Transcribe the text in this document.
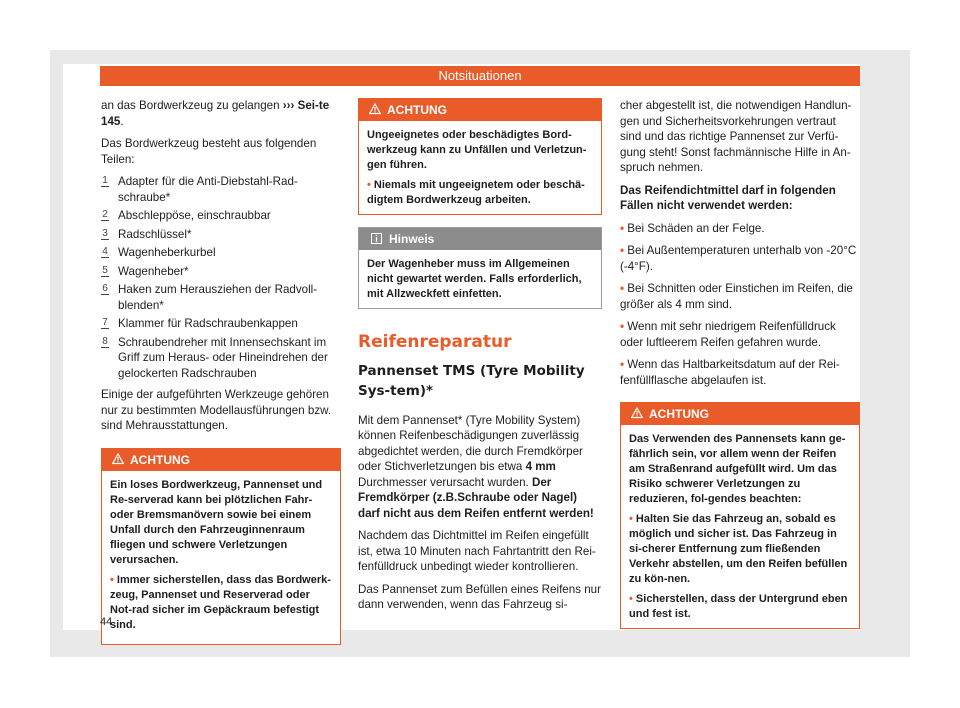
Notsituationen

an das Bordwerkzeug zu gelangen ››› Sei-te 145.

Das Bordwerkzeug besteht aus folgenden Teilen:

1 Adapter für die Anti-Diebstahl-Rad-schraube*
2 Abschleppöse, einschraubbar
3 Radschlüssel*
4 Wagenheberkurbel
5 Wagenheber*
6 Haken zum Herausziehen der Radvoll-blenden*
7 Klammer für Radschraubenkappen
8 Schraubendreher mit Innensechskant im Griff zum Heraus- oder Hineindrehen der gelockerten Radschrauben

Einige der aufgeführten Werkzeuge gehören nur zu bestimmten Modellausführungen bzw. sind Mehrausstattungen.

ACHTUNG

Ein loses Bordwerkzeug, Pannenset und Re-serverad kann bei plötzlichen Fahr- oder Bremsmanövern sowie bei einem Unfall durch den Fahrzeuginnenraum fliegen und schwere Verletzungen verursachen.

• Immer sicherstellen, dass das Bordwerk-zeug, Pannenset und Reserverad oder Not-rad sicher im Gepäckraum befestigt sind.

ACHTUNG

Ungeeignetes oder beschädigtes Bord-werkzeug kann zu Unfällen und Verletzun-gen führen.

• Niemals mit ungeeignetem oder beschä-digtem Bordwerkzeug arbeiten.

Hinweis
Der Wagenheber muss im Allgemeinen nicht gewartet werden. Falls erforderlich, mit Allzweckfett einfetten.
Reifenreparatur
Pannenset TMS (Tyre Mobility Sys-tem)*

Mit dem Pannenset* (Tyre Mobility System) können Reifenbeschädigungen zuverlässig abgedichtet werden, die durch Fremdkörper oder Stichverletzungen bis etwa 4 mm Durchmesser verursacht wurden. Der Fremdkörper (z.B.Schraube oder Nagel) darf nicht aus dem Reifen entfernt werden!

Nachdem das Dichtmittel im Reifen eingefüllt ist, etwa 10 Minuten nach Fahrtantritt den Rei-fenfülldruck unbedingt wieder kontrollieren.

Das Pannenset zum Befüllen eines Reifens nur dann verwenden, wenn das Fahrzeug si-

cher abgestellt ist, die notwendigen Handlun-gen und Sicherheitsvorkehrungen vertraut sind und das richtige Pannenset zur Verfü-gung steht! Sonst fachmännische Hilfe in An-spruch nehmen.

Das Reifendichtmittel darf in folgenden Fällen nicht verwendet werden:

• Bei Schäden an der Felge.

• Bei Außentemperaturen unterhalb von -20°C (-4°F).

• Bei Schnitten oder Einstichen im Reifen, die größer als 4 mm sind.

• Wenn mit sehr niedrigem Reifenfülldruck oder luftleerem Reifen gefahren wurde.

• Wenn das Haltbarkeitsdatum auf der Rei-fenfüllflasche abgelaufen ist.

ACHTUNG

Das Verwenden des Pannensets kann ge-fährlich sein, vor allem wenn der Reifen am Straßenrand aufgefüllt wird. Um das Risiko schwerer Verletzungen zu reduzieren, fol-gendes beachten:

• Halten Sie das Fahrzeug an, sobald es möglich und sicher ist. Das Fahrzeug in si-cherer Entfernung zum fließenden Verkehr abstellen, um den Reifen befüllen zu kön-nen.

• Sicherstellen, dass der Untergrund eben und fest ist.

44
